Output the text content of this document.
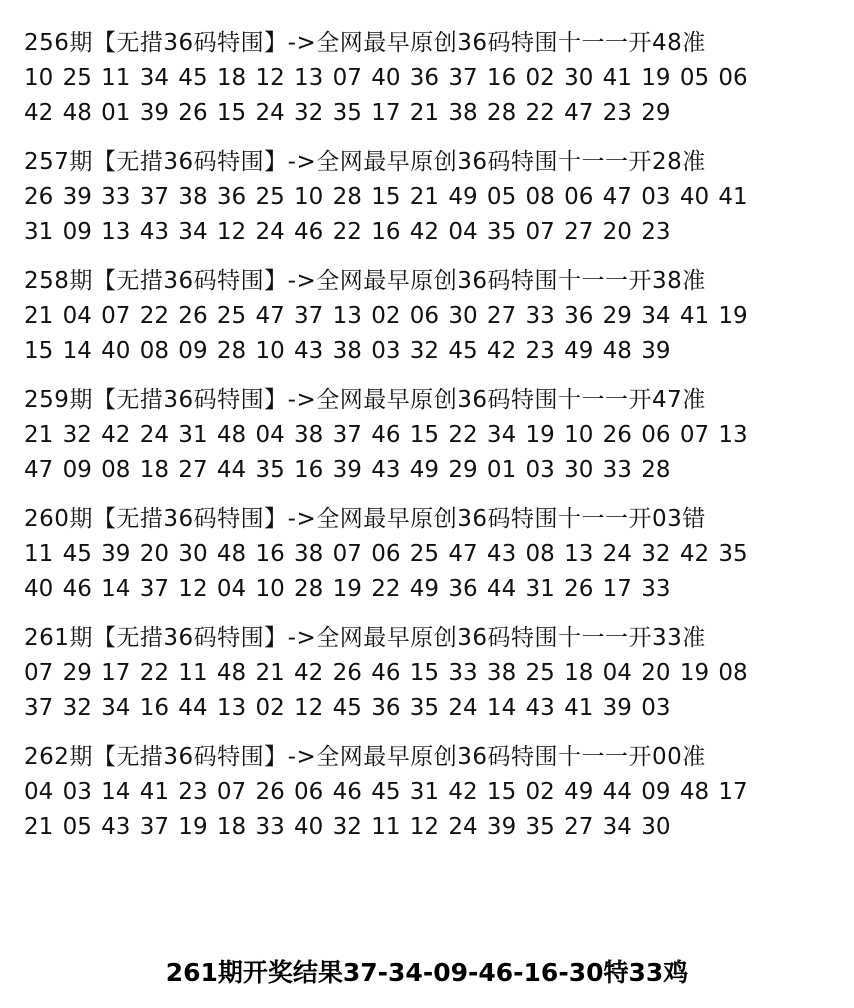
256期【无措36码特围】->全网最早原创36码特围十一一开48准
10 25 11 34 45 18 12 13 07 40 36 37 16 02 30 41 19 05 06
42 48 01 39 26 15 24 32 35 17 21 38 28 22 47 23 29
257期【无措36码特围】->全网最早原创36码特围十一一开28准
26 39 33 37 38 36 25 10 28 15 21 49 05 08 06 47 03 40 41
31 09 13 43 34 12 24 46 22 16 42 04 35 07 27 20 23
258期【无措36码特围】->全网最早原创36码特围十一一开38准
21 04 07 22 26 25 47 37 13 02 06 30 27 33 36 29 34 41 19
15 14 40 08 09 28 10 43 38 03 32 45 42 23 49 48 39
259期【无措36码特围】->全网最早原创36码特围十一一开47准
21 32 42 24 31 48 04 38 37 46 15 22 34 19 10 26 06 07 13
47 09 08 18 27 44 35 16 39 43 49 29 01 03 30 33 28
260期【无措36码特围】->全网最早原创36码特围十一一开03错
11 45 39 20 30 48 16 38 07 06 25 47 43 08 13 24 32 42 35
40 46 14 37 12 04 10 28 19 22 49 36 44 31 26 17 33
261期【无措36码特围】->全网最早原创36码特围十一一开33准
07 29 17 22 11 48 21 42 26 46 15 33 38 25 18 04 20 19 08
37 32 34 16 44 13 02 12 45 36 35 24 14 43 41 39 03
262期【无措36码特围】->全网最早原创36码特围十一一开00准
04 03 14 41 23 07 26 06 46 45 31 42 15 02 49 44 09 48 17
21 05 43 37 19 18 33 40 32 11 12 24 39 35 27 34 30
261期开奖结果37-34-09-46-16-30特33鸡
